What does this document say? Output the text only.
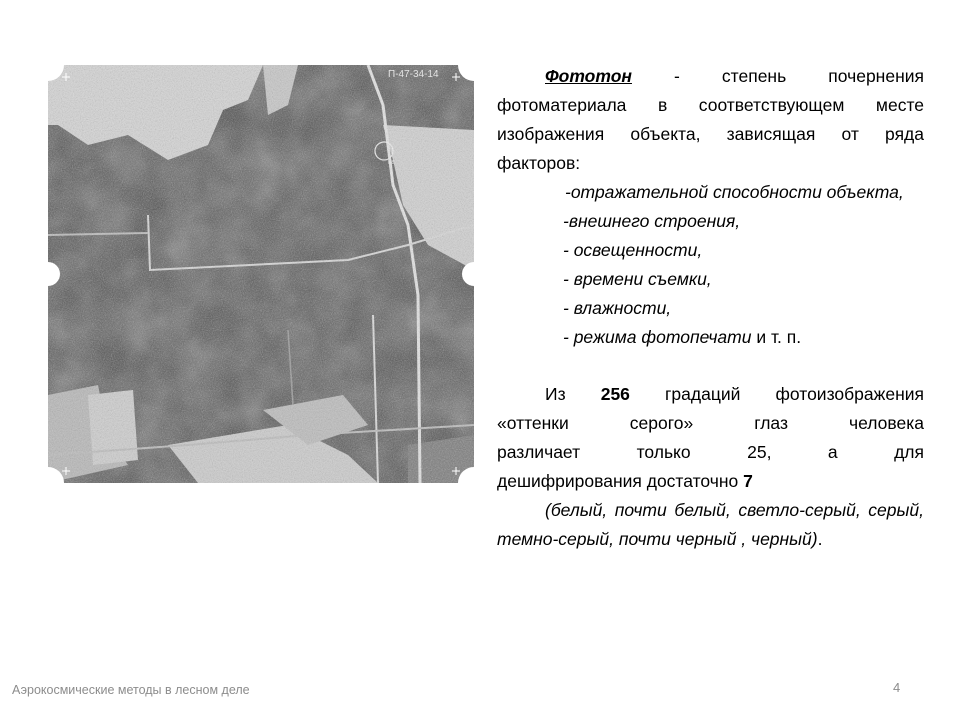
Фототон - степень почернения фотоматериала в соответствующем месте изображения объекта, зависящая от ряда факторов:

-отражательной способности объекта,
-внешнего строения,
- освещенности,
- времени съемки,
- влажности,
- режима фотопечати и т. п.
Из 256 градаций фотоизображения
«оттенки серого» глаз человека
различает только 25, а для
дешифрирования достаточно 7

(белый, почти белый, светло-серый, серый, темно-серый, почти черный , черный).

Аэрокосмические методы в лесном деле	4
